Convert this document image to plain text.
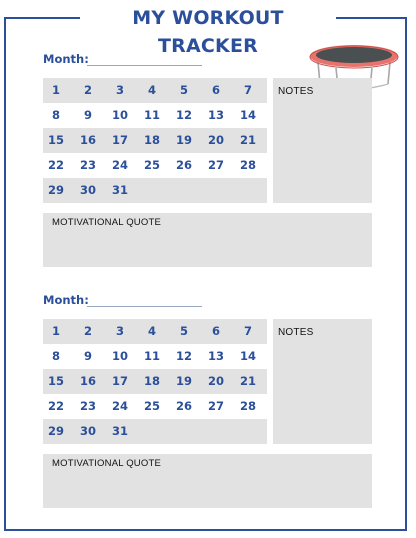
MY WORKOUT TRACKER
Month:
1	2	3	4	5	6	7
8	9	10	11	12	13	14
15	16	17	18	19	20	21
22	23	24	25	26	27	28
29	30	31
NOTES
MOTIVATIONAL QUOTE
Month:
1	2	3	4	5	6	7
8	9	10	11	12	13	14
15	16	17	18	19	20	21
22	23	24	25	26	27	28
29	30	31
NOTES
MOTIVATIONAL QUOTE
